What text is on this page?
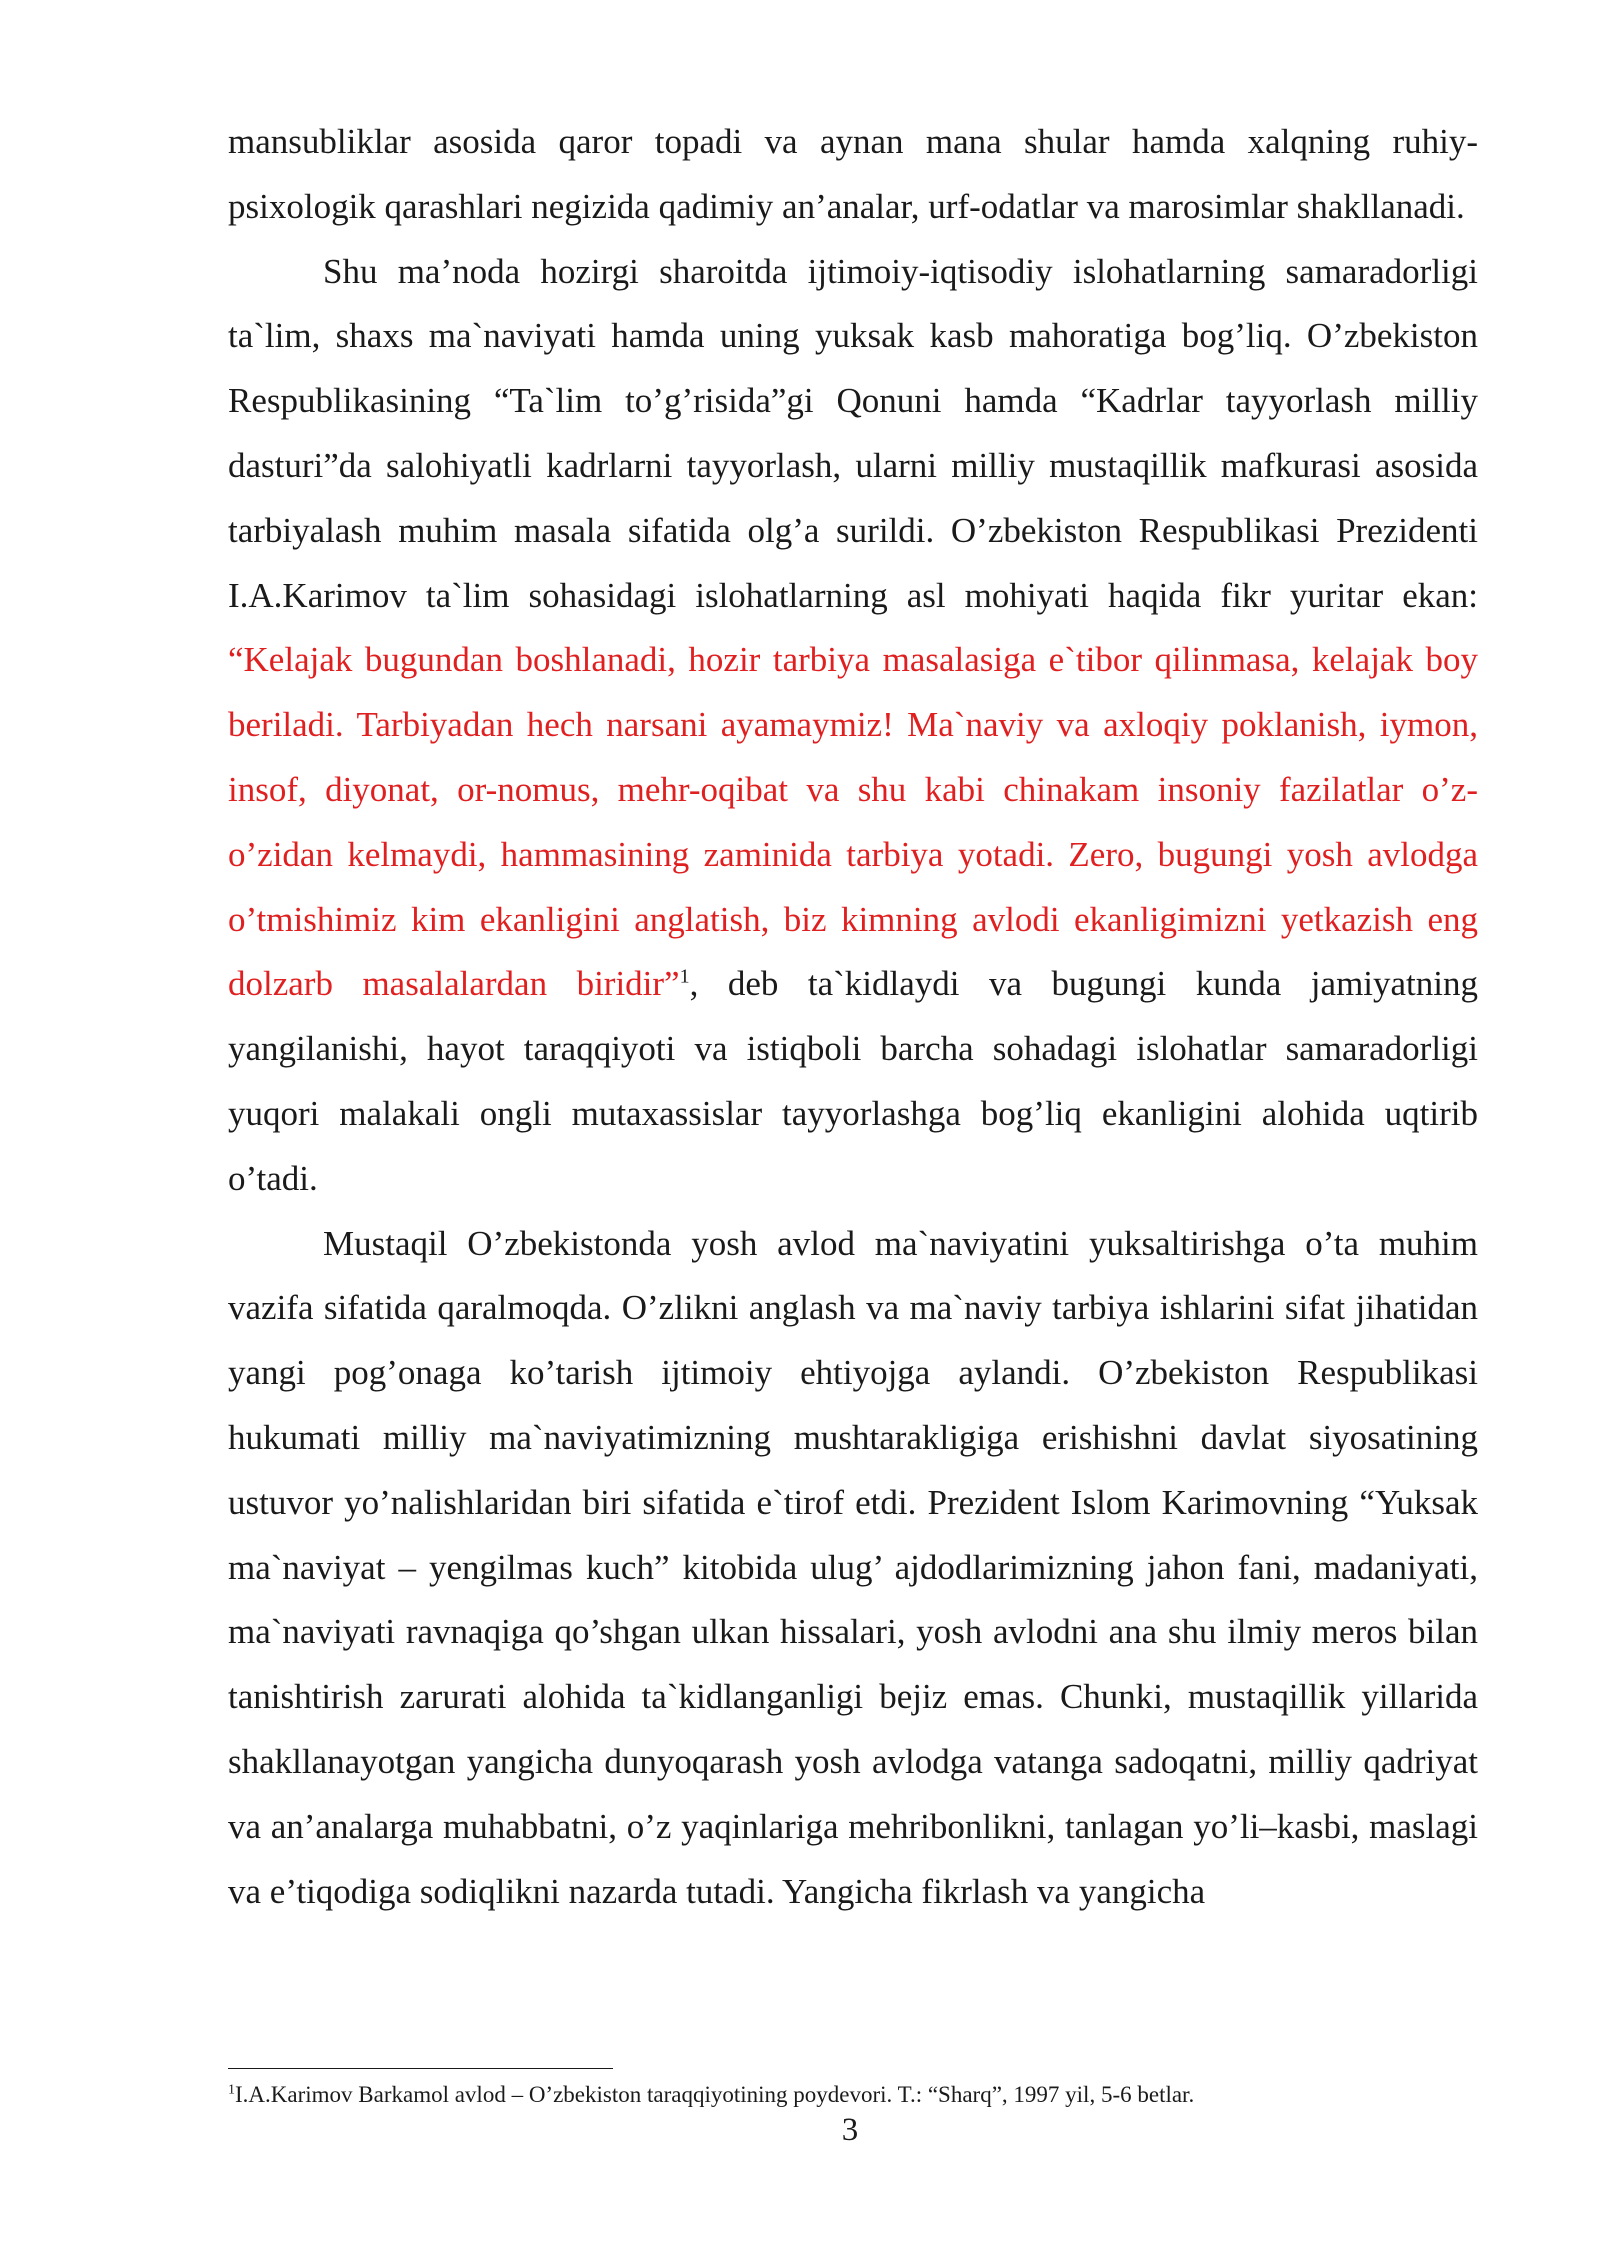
mansubliklar asosida qaror topadi va aynan mana shular hamda xalqning ruhiy-psixologik qarashlari negizida qadimiy an’analar, urf-odatlar va marosimlar shakllanadi.

Shu ma’noda hozirgi sharoitda ijtimoiy-iqtisodiy islohatlarning samaradorligi ta`lim, shaxs ma`naviyati hamda uning yuksak kasb mahoratiga bog’liq. O’zbekiston Respublikasining “Ta`lim to’g’risida”gi Qonuni hamda “Kadrlar tayyorlash milliy dasturi”da salohiyatli kadrlarni tayyorlash, ularni milliy mustaqillik mafkurasi asosida tarbiyalash muhim masala sifatida olg’a surildi. O’zbekiston Respublikasi Prezidenti I.A.Karimov ta`lim sohasidagi islohatlarning asl mohiyati haqida fikr yuritar ekan: “Kelajak bugundan boshlanadi, hozir tarbiya masalasiga e`tibor qilinmasa, kelajak boy beriladi. Tarbiyadan hech narsani ayamaymiz! Ma`naviy va axloqiy poklanish, iymon, insof, diyonat, or-nomus, mehr-oqibat va shu kabi chinakam insoniy fazilatlar o’z-o’zidan kelmaydi, hammasining zaminida tarbiya yotadi. Zero, bugungi yosh avlodga o’tmishimiz kim ekanligini anglatish, biz kimning avlodi ekanligimizni yetkazish eng dolzarb masalalardan biridir”$^1$, deb ta`kidlaydi va bugungi kunda jamiyatning yangilanishi, hayot taraqqiyoti va istiqboli barcha sohadagi islohatlar samaradorligi yuqori malakali ongli mutaxassislar tayyorlashga bog’liq ekanligini alohida uqtirib o’tadi.

Mustaqil O’zbekistonda yosh avlod ma`naviyatini yuksaltirishga o’ta muhim vazifa sifatida qaralmoqda. O’zlikni anglash va ma`naviy tarbiya ishlarini sifat jihatidan yangi pog’onaga ko’tarish ijtimoiy ehtiyojga aylandi. O’zbekiston Respublikasi hukumati milliy ma`naviyatimizning mushtarakligiga erishishni davlat siyosatining ustuvor yo’nalishlaridan biri sifatida e`tirof etdi. Prezident Islom Karimovning “Yuksak ma`naviyat – yengilmas kuch” kitobida ulug’ ajdodlarimizning jahon fani, madaniyati, ma`naviyati ravnaqiga qo’shgan ulkan hissalari, yosh avlodni ana shu ilmiy meros bilan tanishtirish zarurati alohida ta`kidlanganligi bejiz emas. Chunki, mustaqillik yillarida shakllanayotgan yangicha dunyoqarash yosh avlodga vatanga sadoqatni, milliy qadriyat va an’analarga muhabbatni, o’z yaqinlariga mehribonlikni, tanlagan yo’li–kasbi, maslagi va e’tiqodiga sodiqlikni nazarda tutadi. Yangicha fikrlash va yangicha

$^1$I.A.Karimov Barkamol avlod – O’zbekiston taraqqiyotining poydevori. T.: “Sharq”, 1997 yil, 5-6 betlar.
3
